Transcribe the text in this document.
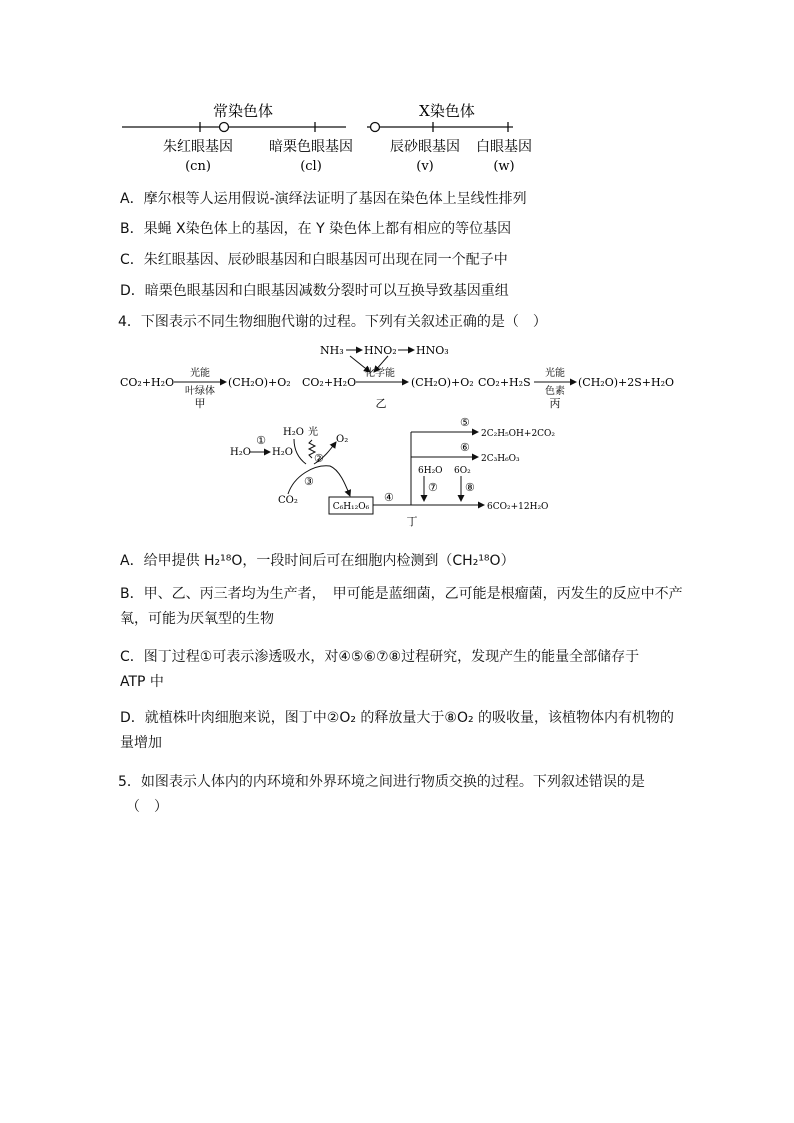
常染色体	X染色体
朱红眼基因
(cn)
暗栗色眼基因
(cl)
辰砂眼基因
(v)
白眼基因
(w)
A．摩尔根等人运用假说-演绎法证明了基因在染色体上呈线性排列
B．果蝇 X染色体上的基因，在 Y 染色体上都有相应的等位基因
C．朱红眼基因、辰砂眼基因和白眼基因可出现在同一个配子中
D．暗栗色眼基因和白眼基因减数分裂时可以互换导致基因重组
4．下图表示不同生物细胞代谢的过程。下列有关叙述正确的是（　）
CO₂+H₂O
光能
叶绿体
(CH₂O)+O₂
甲
NH₃ HNO₂ HNO₃
CO₂+H₂O
化学能
(CH₂O)+O₂
乙
CO₂+H₂S
光能
色素
(CH₂O)+2S+H₂O
丙
H₂O
①
H₂O
H₂O 光
②
O₂
③
CO₂
C₆H₁₂O₆
④
⑤
⑥
2C₂H₅OH+2CO₂
2C₃H₆O₃
6H₂O 6O₂
⑦ ⑧
6CO₂+12H₂O
丁
A．给甲提供 H₂¹⁸O，一段时间后可在细胞内检测到（CH₂¹⁸O）
B．甲、乙、丙三者均为生产者，　甲可能是蓝细菌，乙可能是根瘤菌，丙发生的反应中不产
氧，可能为厌氧型的生物
C．图丁过程①可表示渗透吸水，对④⑤⑥⑦⑧过程研究，发现产生的能量全部储存于
ATP 中
D．就植株叶肉细胞来说，图丁中②O₂ 的释放量大于⑧O₂ 的吸收量，该植物体内有机物的
量增加
5．如图表示人体内的内环境和外界环境之间进行物质交换的过程。下列叙述错误的是
（　）
